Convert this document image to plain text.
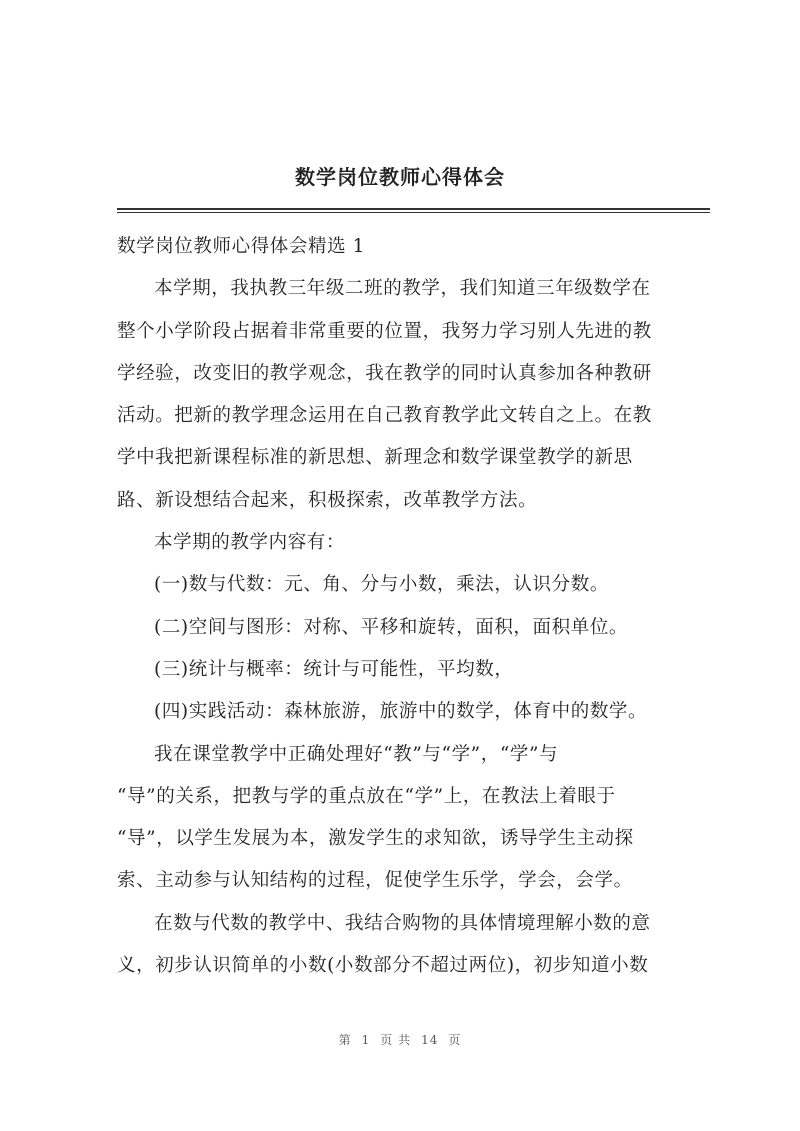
数学岗位教师心得体会

数学岗位教师心得体会精选 1

本学期，我执教三年级二班的教学，我们知道三年级数学在

整个小学阶段占据着非常重要的位置，我努力学习别人先进的教

学经验，改变旧的教学观念，我在教学的同时认真参加各种教研

活动。把新的教学理念运用在自己教育教学此文转自之上。在教

学中我把新课程标准的新思想、新理念和数学课堂教学的新思

路、新设想结合起来，积极探索，改革教学方法。

本学期的教学内容有：

(一)数与代数：元、角、分与小数，乘法，认识分数。

(二)空间与图形：对称、平移和旋转，面积，面积单位。

(三)统计与概率：统计与可能性，平均数，

(四)实践活动：森林旅游，旅游中的数学，体育中的数学。

我在课堂教学中正确处理好“教”与“学”，“学”与

“导”的关系，把教与学的重点放在“学”上，在教法上着眼于

“导”，以学生发展为本，激发学生的求知欲，诱导学生主动探

索、主动参与认知结构的过程，促使学生乐学，学会，会学。

在数与代数的教学中、我结合购物的具体情境理解小数的意

义，初步认识简单的小数(小数部分不超过两位)，初步知道小数

第 1 页 共 14 页
